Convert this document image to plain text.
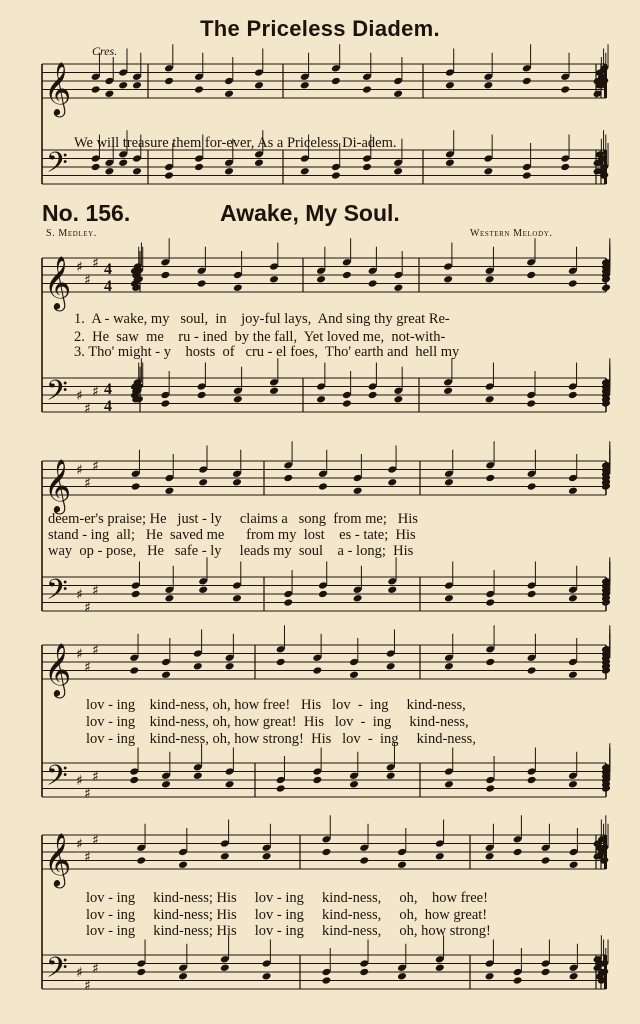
The Priceless Diadem.
Cres.
𝄞
𝄢
𝄞
𝄢
♯
♯
♯
♯
♯
♯
4
4
4
4
𝄞
𝄢
♯
♯
♯
♯
♯
♯
𝄞
𝄢
♯
♯
♯
♯
♯
♯
𝄞
𝄢
♯
♯
♯
♯
♯
♯

We will treasure them for-ever, As a Priceless Di-adem.

No. 156.	Awake, My Soul.
S. Medley.	Western Melody.
1.  A - wake, my   soul,  in    joy-ful lays,  And sing thy great Re-
2.  He  saw  me    ru - ined  by the fall,  Yet loved me,  not-with-
3. Tho' might - y    hosts  of   cru - el foes,  Tho' earth and  hell my
deem-er's praise; He   just - ly     claims a   song  from me;   His
stand - ing  all;   He  saved me      from my  lost    es - tate;  His
way  op - pose,   He   safe - ly     leads my  soul    a - long;  His
lov - ing    kind-ness, oh, how free!   His   lov  -  ing     kind-ness,
lov - ing    kind-ness, oh, how great!  His   lov  -  ing     kind-ness,
lov - ing    kind-ness, oh, how strong!  His   lov  -  ing     kind-ness,
lov - ing     kind-ness; His     lov - ing     kind-ness,     oh,    how free!
lov - ing     kind-ness; His     lov - ing     kind-ness,     oh,  how great!
lov - ing     kind-ness; His     lov - ing     kind-ness,     oh, how strong!
